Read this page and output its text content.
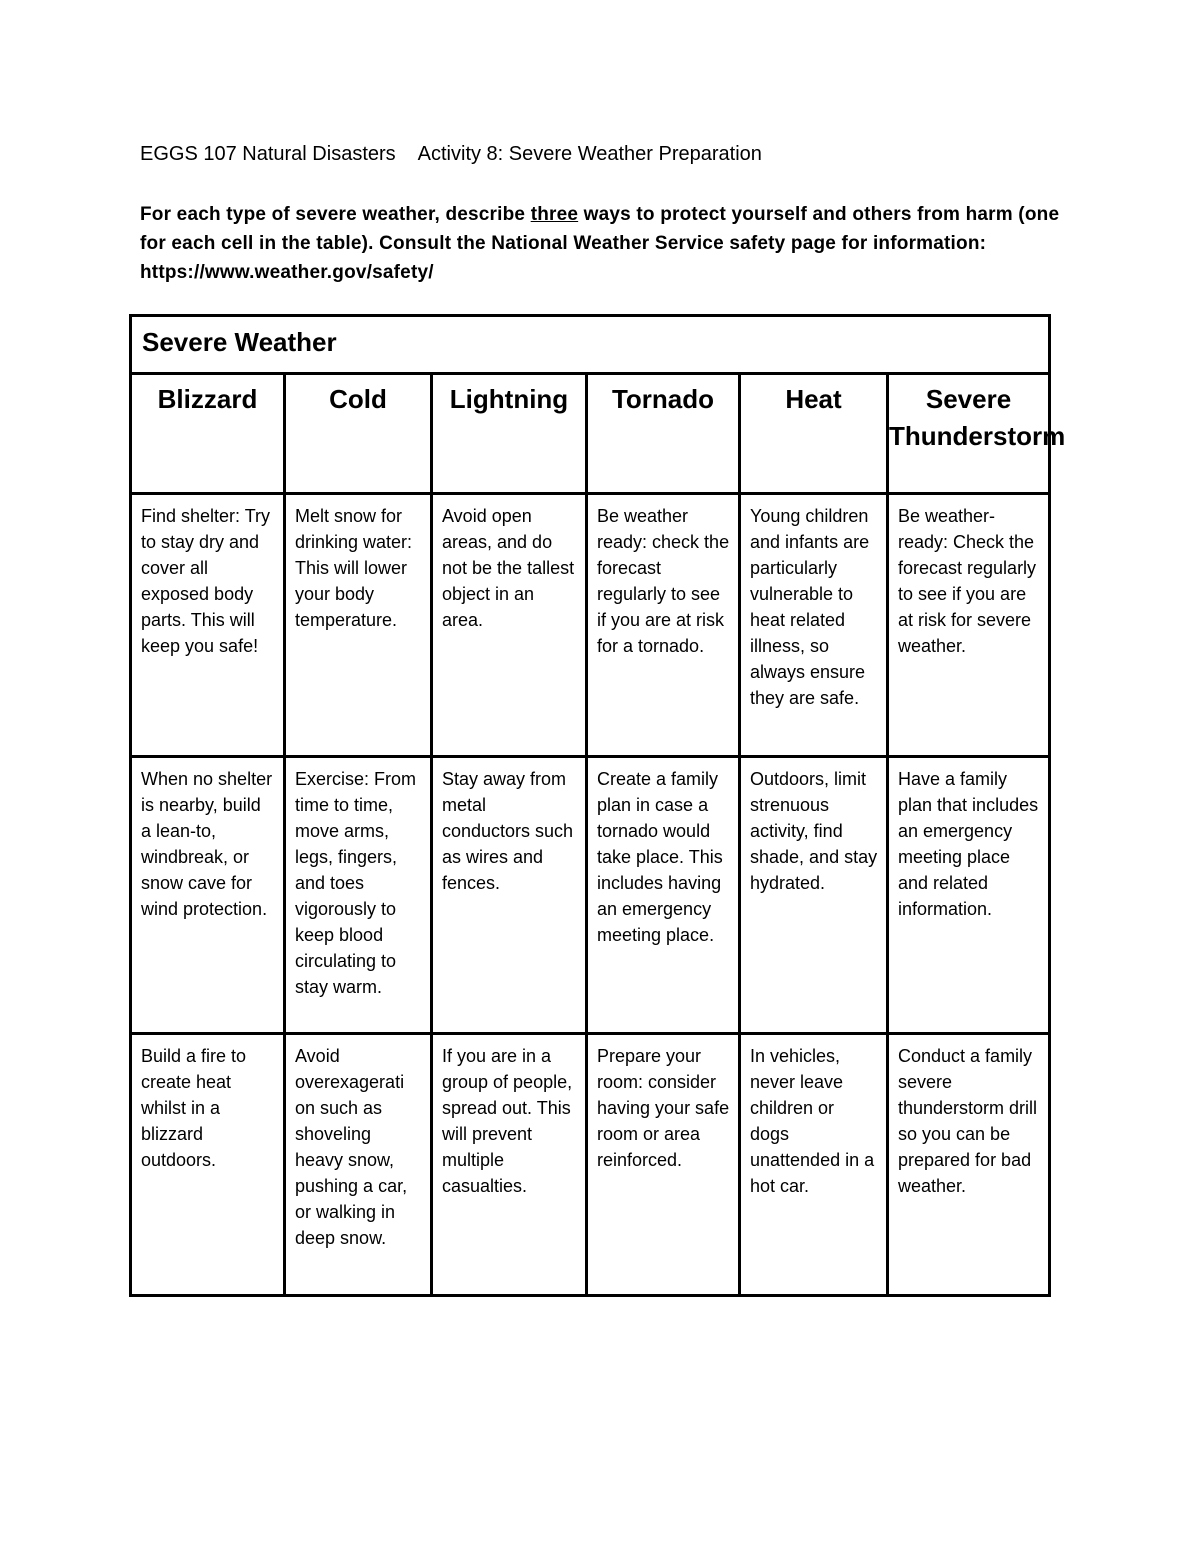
EGGS 107 Natural Disasters Activity 8: Severe Weather Preparation
For each type of severe weather, describe three ways to protect yourself and others from harm (one for each cell in the table). Consult the National Weather Service safety page for information: https://www.weather.gov/safety/
Severe Weather					
Blizzard	Cold	Lightning	Tornado	Heat	Severe Thunderstorm
Find shelter: Try to stay dry and cover all exposed body parts. This will keep you safe!	Melt snow for drinking water: This will lower your body temperature.	Avoid open areas, and do not be the tallest object in an area.	Be weather ready: check the forecast regularly to see if you are at risk for a tornado.	Young children and infants are particularly vulnerable to heat related illness, so always ensure they are safe.	Be weather-ready: Check the forecast regularly to see if you are at risk for severe weather.
When no shelter is nearby, build a lean-to, windbreak, or snow cave for wind protection.	Exercise: From time to time, move arms, legs, fingers, and toes vigorously to keep blood circulating to stay warm.	Stay away from metal conductors such as wires and fences.	Create a family plan in case a tornado would take place. This includes having an emergency meeting place.	Outdoors, limit strenuous activity, find shade, and stay hydrated.	Have a family plan that includes an emergency meeting place and related information.
Build a fire to create heat whilst in a blizzard outdoors.	Avoid overexagerati on such as shoveling heavy snow, pushing a car, or walking in deep snow.	If you are in a group of people, spread out. This will prevent multiple casualties.	Prepare your room: consider having your safe room or area reinforced.	In vehicles, never leave children or dogs unattended in a hot car.	Conduct a family severe thunderstorm drill so you can be prepared for bad weather.
